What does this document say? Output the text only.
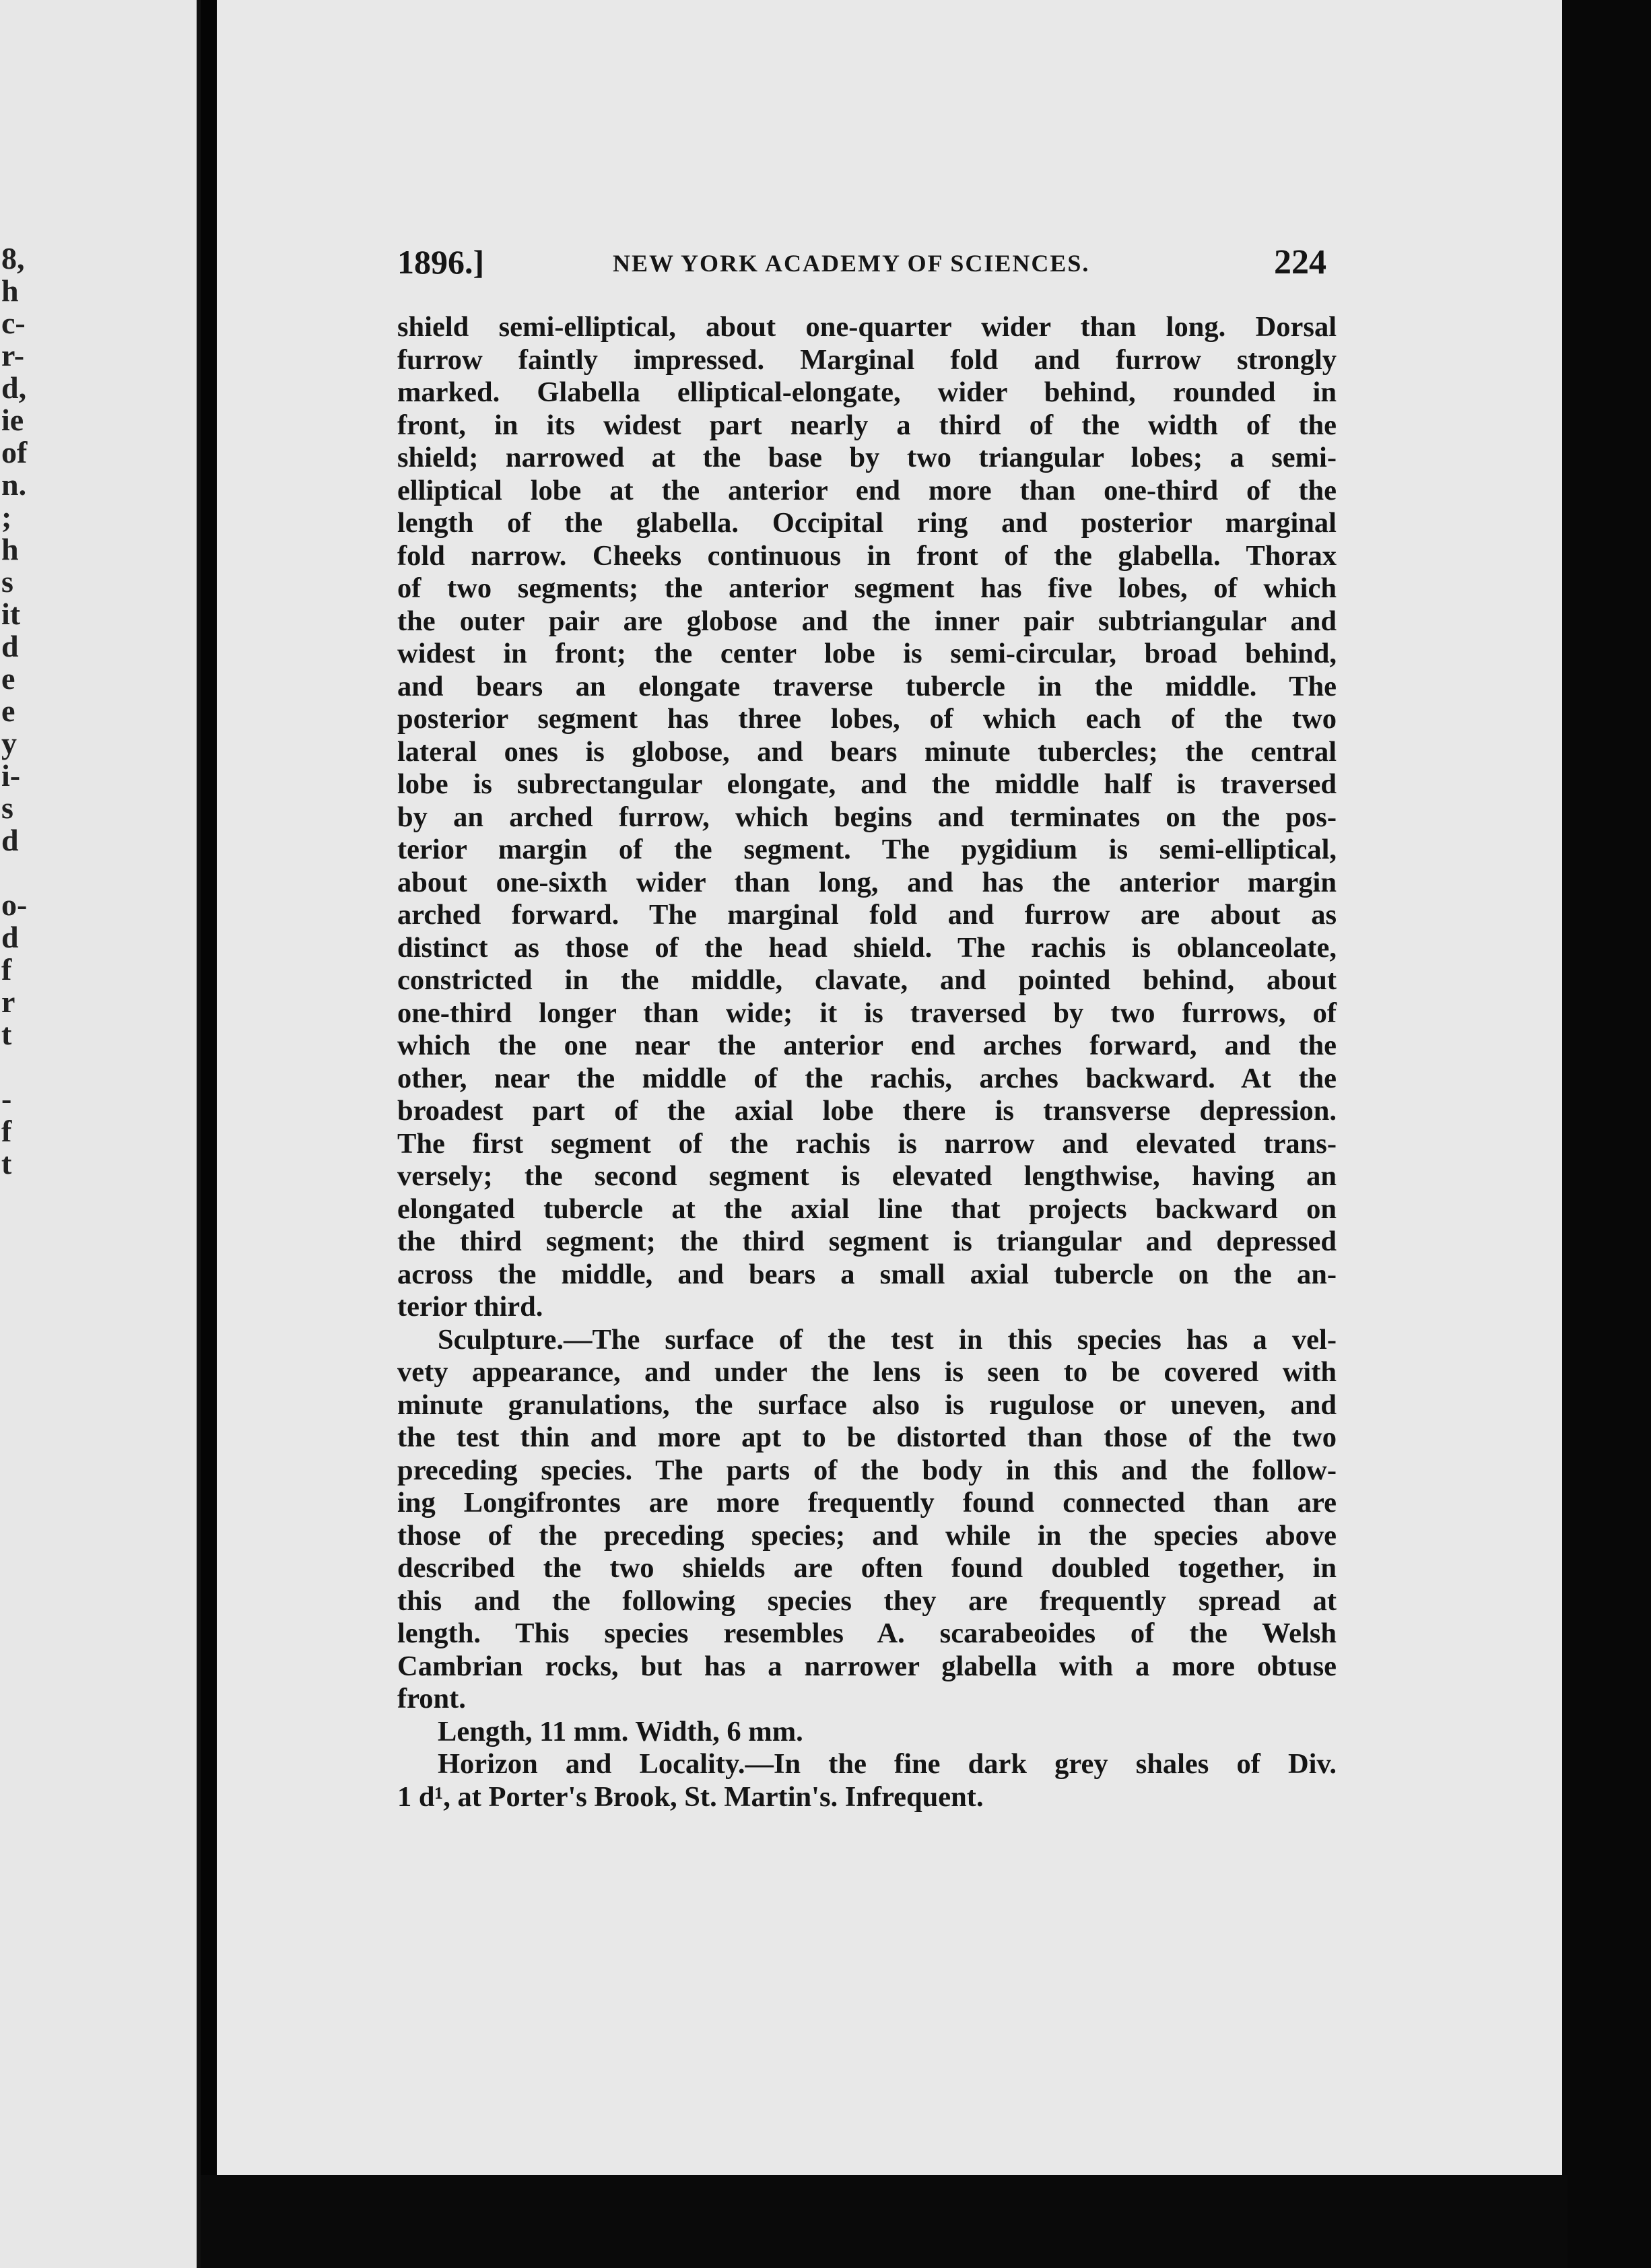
8,
h
c-
r-
d,
ie
of
n.
;
h
s
it
d
e
e
y
i-
s
d
o-
d
f
r
t
-
f
t
1896.]	NEW YORK ACADEMY OF SCIENCES.	224
shield semi-elliptical, about one-quarter wider than long. Dorsal
furrow faintly impressed. Marginal fold and furrow strongly
marked. Glabella elliptical-elongate, wider behind, rounded in
front, in its widest part nearly a third of the width of the
shield; narrowed at the base by two triangular lobes; a semi-
elliptical lobe at the anterior end more than one-third of the
length of the glabella. Occipital ring and posterior marginal
fold narrow. Cheeks continuous in front of the glabella. Thorax
of two segments; the anterior segment has five lobes, of which
the outer pair are globose and the inner pair subtriangular and
widest in front; the center lobe is semi-circular, broad behind,
and bears an elongate traverse tubercle in the middle. The
posterior segment has three lobes, of which each of the two
lateral ones is globose, and bears minute tubercles; the central
lobe is subrectangular elongate, and the middle half is traversed
by an arched furrow, which begins and terminates on the pos-
terior margin of the segment. The pygidium is semi-elliptical,
about one-sixth wider than long, and has the anterior margin
arched forward. The marginal fold and furrow are about as
distinct as those of the head shield. The rachis is oblanceolate,
constricted in the middle, clavate, and pointed behind, about
one-third longer than wide; it is traversed by two furrows, of
which the one near the anterior end arches forward, and the
other, near the middle of the rachis, arches backward. At the
broadest part of the axial lobe there is transverse depression.
The first segment of the rachis is narrow and elevated trans-
versely; the second segment is elevated lengthwise, having an
elongated tubercle at the axial line that projects backward on
the third segment; the third segment is triangular and depressed
across the middle, and bears a small axial tubercle on the an-
terior third.
Sculpture.—The surface of the test in this species has a vel-
vety appearance, and under the lens is seen to be covered with
minute granulations, the surface also is rugulose or uneven, and
the test thin and more apt to be distorted than those of the two
preceding species. The parts of the body in this and the follow-
ing Longifrontes are more frequently found connected than are
those of the preceding species; and while in the species above
described the two shields are often found doubled together, in
this and the following species they are frequently spread at
length. This species resembles A. scarabeoides of the Welsh
Cambrian rocks, but has a narrower glabella with a more obtuse
front.
Length, 11 mm. Width, 6 mm.
Horizon and Locality.—In the fine dark grey shales of Div.
1 d¹, at Porter's Brook, St. Martin's. Infrequent.
